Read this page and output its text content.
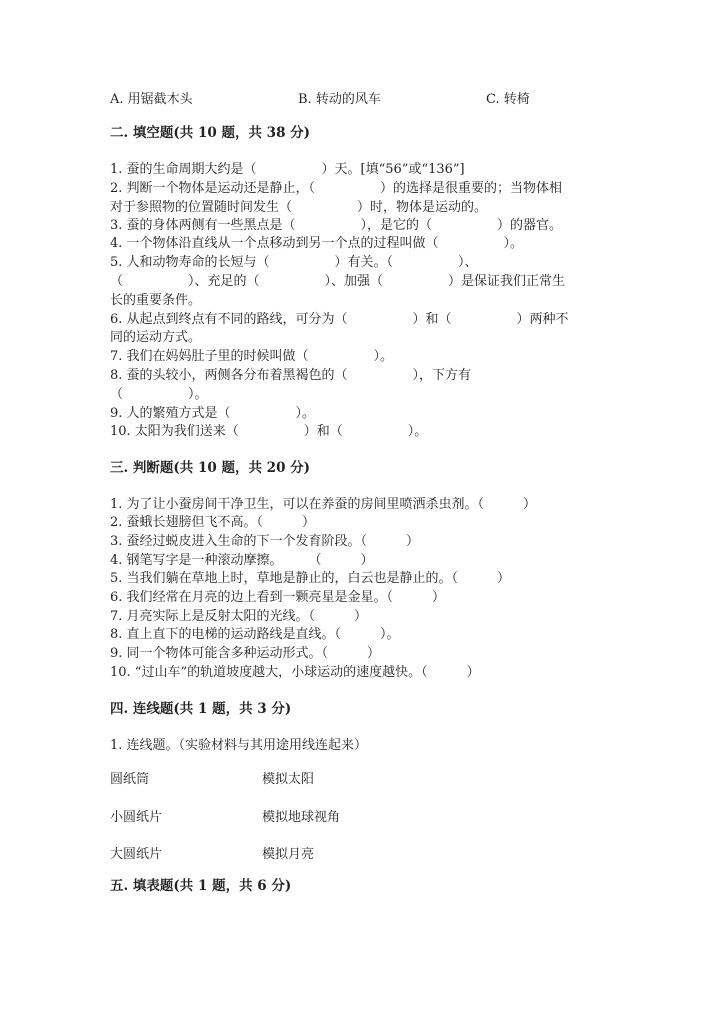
A. 用锯截木头	B. 转动的风车	C. 转椅
二. 填空题(共 10 题，共 38 分)
1. 蚕的生命周期大约是（　　　　　）天。[填“56”或“136”]
2. 判断一个物体是运动还是静止，（　　　　　）的选择是很重要的；当物体相
对于参照物的位置随时间发生（　　　　　）时，物体是运动的。
3. 蚕的身体两侧有一些黑点是（　　　　　），是它的（　　　　　）的器官。
4. 一个物体沿直线从一个点移动到另一个点的过程叫做（　　　　　）。
5. 人和动物寿命的长短与（　　　　　）有关。（　　　　　）、
（　　　　　）、充足的（　　　　　）、加强（　　　　　）是保证我们正常生
长的重要条件。
6. 从起点到终点有不同的路线，可分为（　　　　　）和（　　　　　）两种不
同的运动方式。
7. 我们在妈妈肚子里的时候叫做（　　　　　）。
8. 蚕的头较小，两侧各分布着黑褐色的（　　　　　），下方有
（　　　　　）。
9. 人的繁殖方式是（　　　　　）。
10. 太阳为我们送来（　　　　　）和（　　　　　）。
三. 判断题(共 10 题，共 20 分)
1. 为了让小蚕房间干净卫生，可以在养蚕的房间里喷洒杀虫剂。（　　　）
2. 蚕蛾长翅膀但飞不高。（　　　）
3. 蚕经过蜕皮进入生命的下一个发育阶段。（　　　）
4. 钢笔写字是一种滚动摩擦。　　　（　　　）
5. 当我们躺在草地上时，草地是静止的，白云也是静止的。（　　　）
6. 我们经常在月亮的边上看到一颗亮星是金星。（　　　）
7. 月亮实际上是反射太阳的光线。（　　　）
8. 直上直下的电梯的运动路线是直线。（　　　）。
9. 同一个物体可能含多种运动形式。（　　　）
10. “过山车”的轨道坡度越大，小球运动的速度越快。（　　　）
四. 连线题(共 1 题，共 3 分)
1. 连线题。（实验材料与其用途用线连起来）
圆纸筒	模拟太阳
小圆纸片	模拟地球视角
大圆纸片	模拟月亮
五. 填表题(共 1 题，共 6 分)
